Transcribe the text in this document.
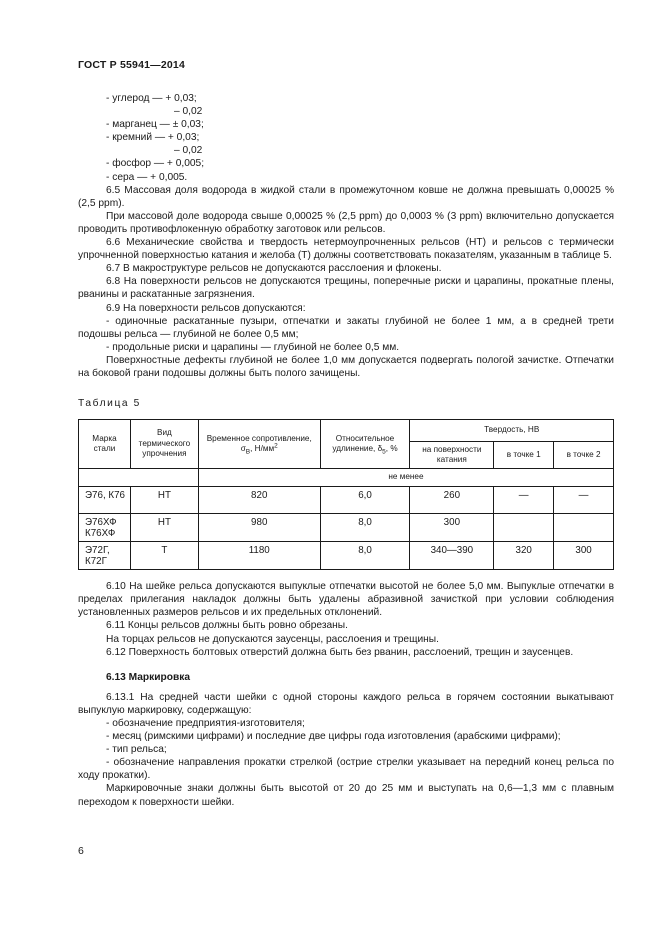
ГОСТ Р 55941—2014

- углерод — + 0,03;

– 0,02

- марганец — ± 0,03;

- кремний — + 0,03;

– 0,02

- фосфор — + 0,005;

- сера — + 0,005.

6.5 Массовая доля водорода в жидкой стали в промежуточном ковше не должна превышать 0,00025 % (2,5 ppm).

При массовой доле водорода свыше 0,00025 % (2,5 ppm) до 0,0003 % (3 ppm) включительно допускается проводить противофлокенную обработку заготовок или рельсов.

6.6 Механические свойства и твердость нетермоупрочненных рельсов (НТ) и рельсов с термически упрочненной поверхностью катания и желоба (Т) должны соответствовать показателям, указанным в таблице 5.

6.7 В макроструктуре рельсов не допускаются расслоения и флокены.

6.8 На поверхности рельсов не допускаются трещины, поперечные риски и царапины, прокатные плены, рванины и раскатанные загрязнения.

6.9 На поверхности рельсов допускаются:

- одиночные раскатанные пузыри, отпечатки и закаты глубиной не более 1 мм, а в средней трети подошвы рельса — глубиной не более 0,5 мм;

- продольные риски и царапины — глубиной не более 0,5 мм.

Поверхностные дефекты глубиной не более 1,0 мм допускается подвергать пологой зачистке. Отпечатки на боковой грани подошвы должны быть полого зачищены.

Таблица 5
Марка стали	Вид термического упрочнения	Временное сопротивление, $\sigma_В$, $Н/мм^2$	Относительное удлинение, $\delta_5$, %	Твердость, НВ		
				на поверхности катания	в точке 1	в точке 2
		не менее				
Э76, К76	НТ	820	6,0	260	—	—
Э76ХФ К76ХФ	НТ	980	8,0	300		
Э72Г, К72Г	Т	1180	8,0	340—390	320	300

6.10 На шейке рельса допускаются выпуклые отпечатки высотой не более 5,0 мм. Выпуклые отпечатки в пределах прилегания накладок должны быть удалены абразивной зачисткой при условии соблюдения установленных размеров рельсов и их предельных отклонений.

6.11 Концы рельсов должны быть ровно обрезаны.

На торцах рельсов не допускаются заусенцы, расслоения и трещины.

6.12 Поверхность болтовых отверстий должна быть без рванин, расслоений, трещин и заусенцев.

6.13 Маркировка

6.13.1 На средней части шейки с одной стороны каждого рельса в горячем состоянии выкатывают выпуклую маркировку, содержащую:

- обозначение предприятия-изготовителя;

- месяц (римскими цифрами) и последние две цифры года изготовления (арабскими цифрами);

- тип рельса;

- обозначение направления прокатки стрелкой (острие стрелки указывает на передний конец рельса по ходу прокатки).

Маркировочные знаки должны быть высотой от 20 до 25 мм и выступать на 0,6—1,3 мм с плавным переходом к поверхности шейки.

6
